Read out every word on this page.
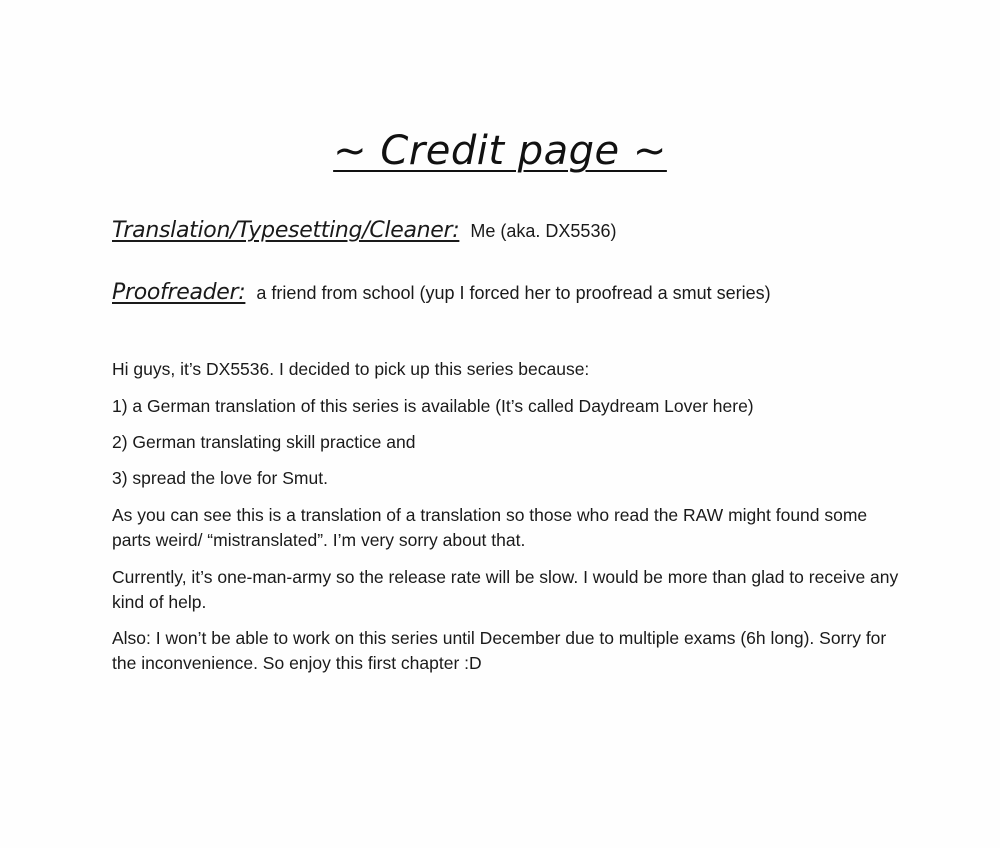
~ Credit page ~
Translation/Typesetting/Cleaner: Me (aka. DX5536)
Proofreader: a friend from school (yup I forced her to proofread a smut series)
Hi guys, it’s DX5536. I decided to pick up this series because:
1) a German translation of this series is available (It’s called Daydream Lover here)
2) German translating skill practice and
3) spread the love for Smut.
As you can see this is a translation of a translation so those who read the RAW might found some parts weird/ “mistranslated”. I’m very sorry about that.
Currently, it’s one-man-army so the release rate will be slow. I would be more than glad to receive any kind of help.
Also: I won’t be able to work on this series until December due to multiple exams (6h long). Sorry for the inconvenience. So enjoy this first chapter :D
